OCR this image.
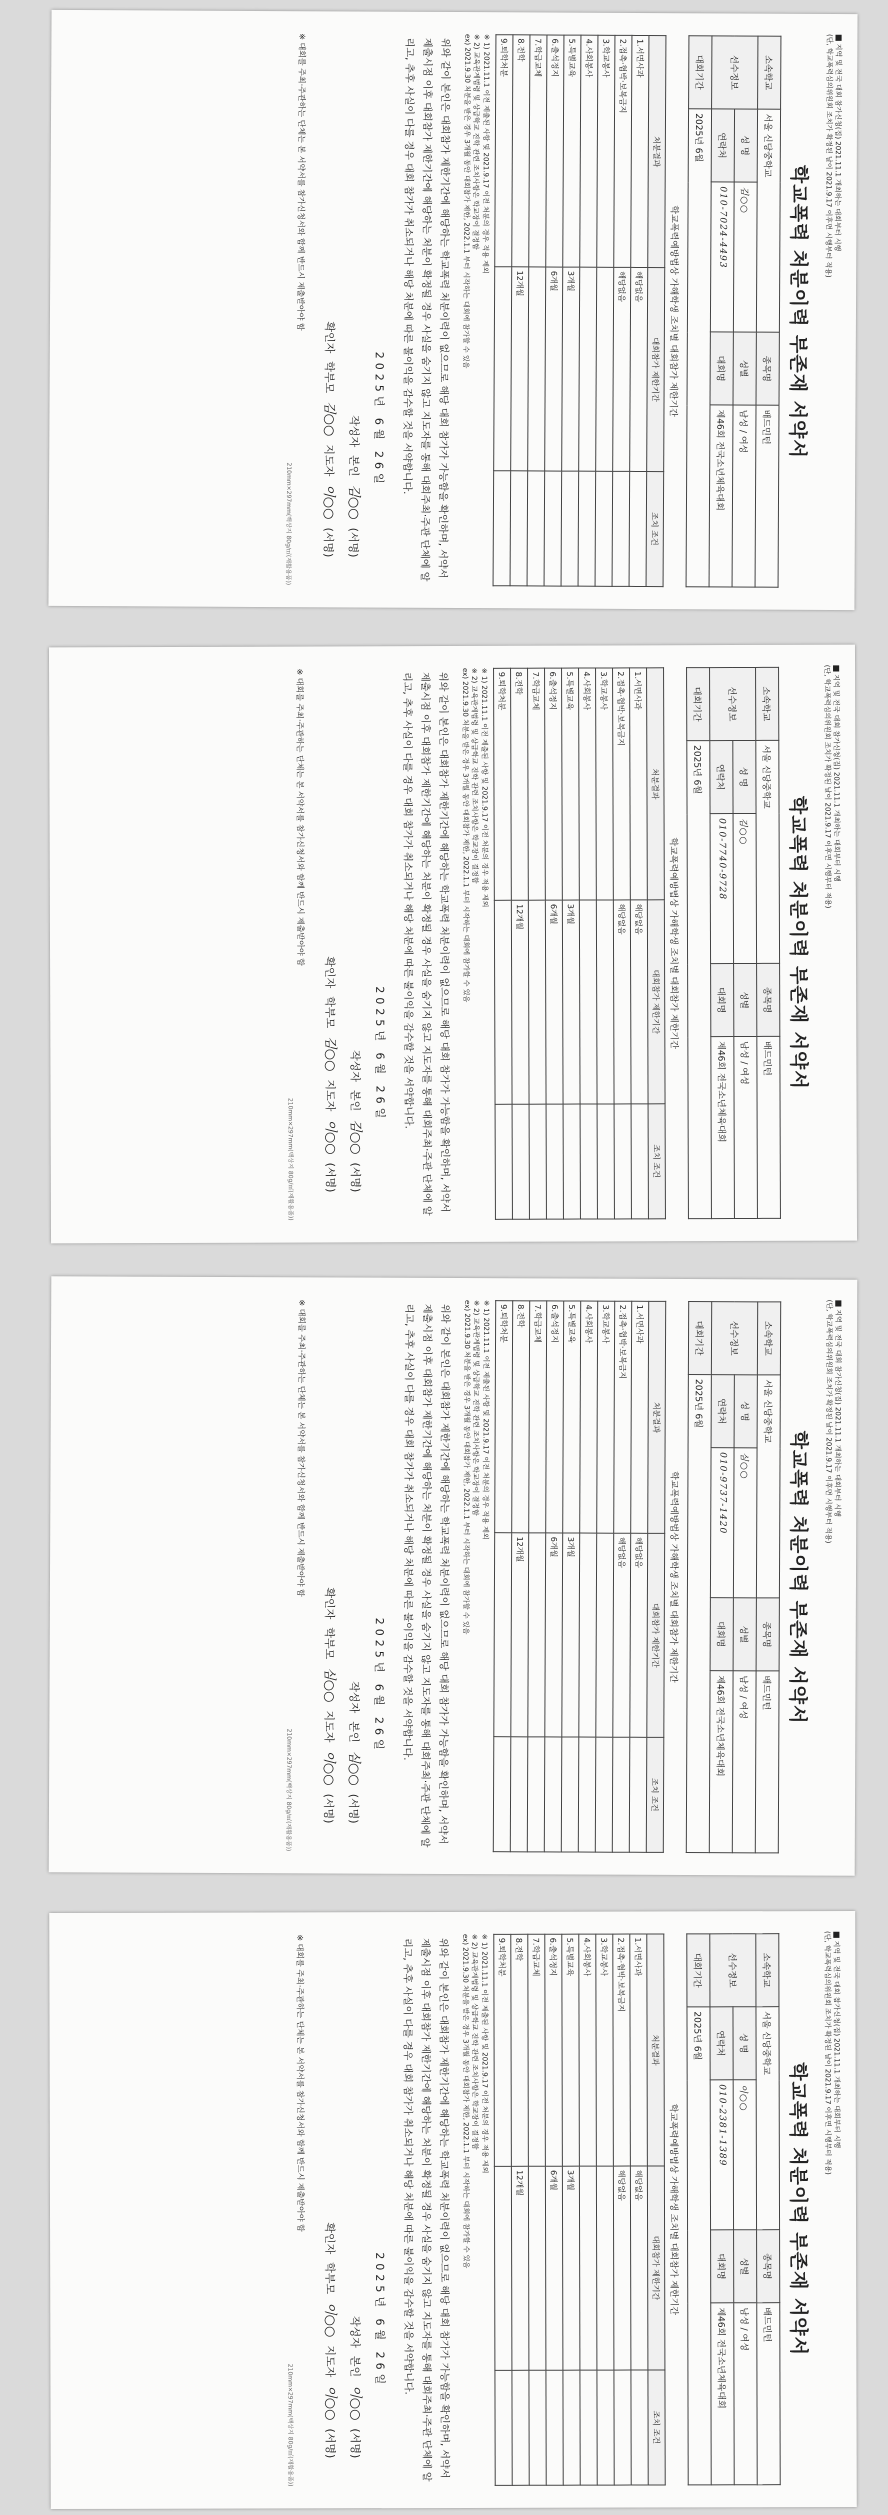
■지역 및 전국 대회 참가신청(집) 2021.11.1 개최하는 대회부터 시행
(단, 학교폭력심의위원회 조치가 확정된 날이 2021.9.17 이후면 시행부터 적용)
학교폭력 처분이력 부존재 서약서
소속학교	서울 신당중학교		종목명	배드민턴
선수정보	성 명	김○○	성별	남성 / 여성
	연락처	010-7024-4493	대회명	제46회 전국소년체육대회
대회기간	2025년 6월			
학교폭력예방법상 가해학생 조치별 대회참가 제한기간
처분결과	대회참가 제한기간	조치 조건
1.서면사과	해당없음	
2.접촉·협박·보복금지	해당없음	
3.학교봉사		
4.사회봉사		
5.특별교육	3개월	
6.출석정지	6개월	
7.학급교체		
8.전학	12개월	
9.퇴학처분		
※ 1) 2021.11.1 이전 제출된 사항 및 2021.9.17 이전 처분의 경우 적용 제외
※ 2) 교육관계법령 및 상급학교 진학 관련 조치사항은 학교장이 결정함
ex) 2021.9.30 처분을 받은 경우 3개월 동안 대회참가 제한, 2022.1.1 부터 시작하는 대회에 참가할 수 있음
위와 같이 본인은 대회참가 제한기간에 해당하는 학교폭력 처분이력이 없으므로 해당 대회 참가가 가능함을 확인하며, 서약서 제출시점 이후 대회참가 제한기간에 해당하는 처분이 확정될 경우 사실을 숨기지 않고 지도자를 통해 대회주최·주관 단체에 알리고, 추후 사실이 다를 경우 대회 참가가 취소되거나 해당 처분에 따른 불이익을 감수할 것을 서약합니다.
2025년 6월 26일
작성자본인김○○(서명)
확인자학부모김○○지도자이○○(서명)
※ 대회를 주최·주관하는 단체는 본 서약서를 참가신청서와 함께 반드시 제출받아야 함
210mm×297mm(백상지 80g/㎡(재활용품))
■지역 및 전국 대회 참가신청(집) 2021.11.1 개최하는 대회부터 시행
(단, 학교폭력심의위원회 조치가 확정된 날이 2021.9.17 이후면 시행부터 적용)
학교폭력 처분이력 부존재 서약서
소속학교	서울 신당중학교		종목명	배드민턴
선수정보	성 명	김○○	성별	남성 / 여성
	연락처	010-7740-9728	대회명	제46회 전국소년체육대회
대회기간	2025년 6월			
학교폭력예방법상 가해학생 조치별 대회참가 제한기간
처분결과	대회참가 제한기간	조치 조건
1.서면사과	해당없음	
2.접촉·협박·보복금지	해당없음	
3.학교봉사		
4.사회봉사		
5.특별교육	3개월	
6.출석정지	6개월	
7.학급교체		
8.전학	12개월	
9.퇴학처분		
※ 1) 2021.11.1 이전 제출된 사항 및 2021.9.17 이전 처분의 경우 적용 제외
※ 2) 교육관계법령 및 상급학교 진학 관련 조치사항은 학교장이 결정함
ex) 2021.9.30 처분을 받은 경우 3개월 동안 대회참가 제한, 2022.1.1 부터 시작하는 대회에 참가할 수 있음
위와 같이 본인은 대회참가 제한기간에 해당하는 학교폭력 처분이력이 없으므로 해당 대회 참가가 가능함을 확인하며, 서약서 제출시점 이후 대회참가 제한기간에 해당하는 처분이 확정될 경우 사실을 숨기지 않고 지도자를 통해 대회주최·주관 단체에 알리고, 추후 사실이 다를 경우 대회 참가가 취소되거나 해당 처분에 따른 불이익을 감수할 것을 서약합니다.
2025년 6월 26일
작성자본인김○○(서명)
확인자학부모김○○지도자이○○(서명)
※ 대회를 주최·주관하는 단체는 본 서약서를 참가신청서와 함께 반드시 제출받아야 함
210mm×297mm(백상지 80g/㎡(재활용품))
■지역 및 전국 대회 참가신청(집) 2021.11.1 개최하는 대회부터 시행
(단, 학교폭력심의위원회 조치가 확정된 날이 2021.9.17 이후면 시행부터 적용)
학교폭력 처분이력 부존재 서약서
소속학교	서울 신당중학교		종목명	배드민턴
선수정보	성 명	심○○	성별	남성 / 여성
	연락처	010-9737-1420	대회명	제46회 전국소년체육대회
대회기간	2025년 6월			
학교폭력예방법상 가해학생 조치별 대회참가 제한기간
처분결과	대회참가 제한기간	조치 조건
1.서면사과	해당없음	
2.접촉·협박·보복금지	해당없음	
3.학교봉사		
4.사회봉사		
5.특별교육	3개월	
6.출석정지	6개월	
7.학급교체		
8.전학	12개월	
9.퇴학처분		
※ 1) 2021.11.1 이전 제출된 사항 및 2021.9.17 이전 처분의 경우 적용 제외
※ 2) 교육관계법령 및 상급학교 진학 관련 조치사항은 학교장이 결정함
ex) 2021.9.30 처분을 받은 경우 3개월 동안 대회참가 제한, 2022.1.1 부터 시작하는 대회에 참가할 수 있음
위와 같이 본인은 대회참가 제한기간에 해당하는 학교폭력 처분이력이 없으므로 해당 대회 참가가 가능함을 확인하며, 서약서 제출시점 이후 대회참가 제한기간에 해당하는 처분이 확정될 경우 사실을 숨기지 않고 지도자를 통해 대회주최·주관 단체에 알리고, 추후 사실이 다를 경우 대회 참가가 취소되거나 해당 처분에 따른 불이익을 감수할 것을 서약합니다.
2025년 6월 26일
작성자본인심○○(서명)
확인자학부모심○○지도자이○○(서명)
※ 대회를 주최·주관하는 단체는 본 서약서를 참가신청서와 함께 반드시 제출받아야 함
210mm×297mm(백상지 80g/㎡(재활용품))
■지역 및 전국 대회 참가신청(집) 2021.11.1 개최하는 대회부터 시행
(단, 학교폭력심의위원회 조치가 확정된 날이 2021.9.17 이후면 시행부터 적용)
학교폭력 처분이력 부존재 서약서
소속학교	서울 신당중학교		종목명	배드민턴
선수정보	성 명	이○○	성별	남성 / 여성
	연락처	010-2381-1389	대회명	제46회 전국소년체육대회
대회기간	2025년 6월			
학교폭력예방법상 가해학생 조치별 대회참가 제한기간
처분결과	대회참가 제한기간	조치 조건
1.서면사과	해당없음	
2.접촉·협박·보복금지	해당없음	
3.학교봉사		
4.사회봉사		
5.특별교육	3개월	
6.출석정지	6개월	
7.학급교체		
8.전학	12개월	
9.퇴학처분		
※ 1) 2021.11.1 이전 제출된 사항 및 2021.9.17 이전 처분의 경우 적용 제외
※ 2) 교육관계법령 및 상급학교 진학 관련 조치사항은 학교장이 결정함
ex) 2021.9.30 처분을 받은 경우 3개월 동안 대회참가 제한, 2022.1.1 부터 시작하는 대회에 참가할 수 있음
위와 같이 본인은 대회참가 제한기간에 해당하는 학교폭력 처분이력이 없으므로 해당 대회 참가가 가능함을 확인하며, 서약서 제출시점 이후 대회참가 제한기간에 해당하는 처분이 확정될 경우 사실을 숨기지 않고 지도자를 통해 대회주최·주관 단체에 알리고, 추후 사실이 다를 경우 대회 참가가 취소되거나 해당 처분에 따른 불이익을 감수할 것을 서약합니다.
2025년 6월 26일
작성자본인이○○(서명)
확인자학부모이○○지도자이○○(서명)
※ 대회를 주최·주관하는 단체는 본 서약서를 참가신청서와 함께 반드시 제출받아야 함
210mm×297mm(백상지 80g/㎡(재활용품))
